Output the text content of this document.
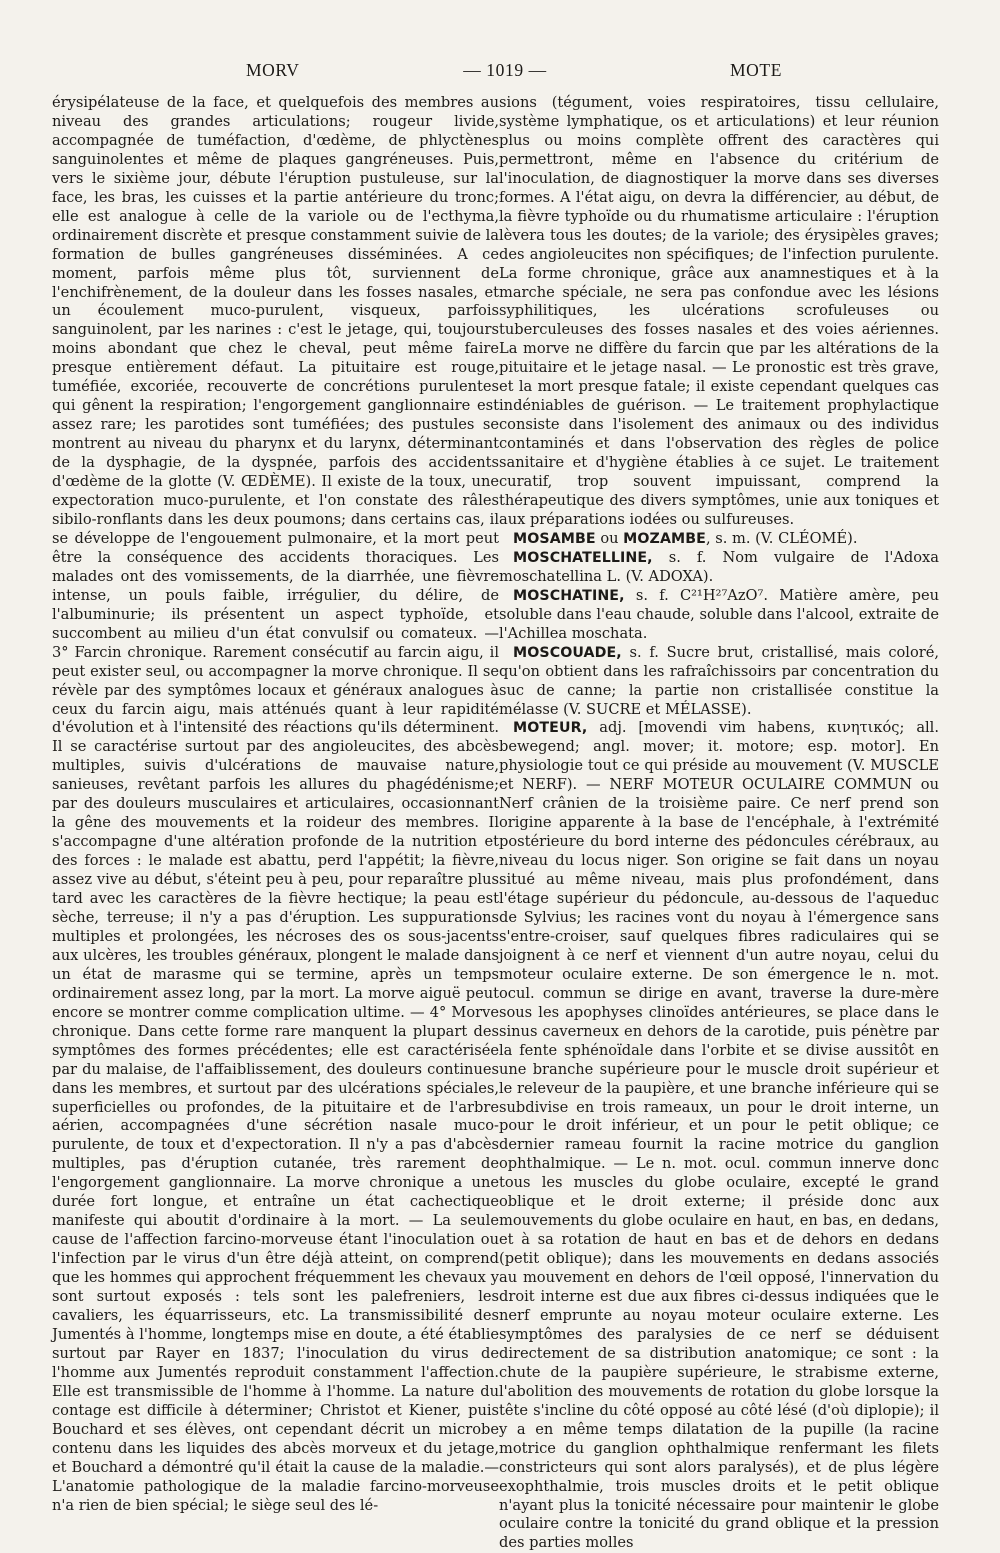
MORV	— 1019 —	MOTE

érysipélateuse de la face, et quelquefois des membres au niveau des grandes articulations; rougeur livide, accompagnée de tuméfaction, d'œdème, de phlyctènes sanguinolentes et même de plaques gangréneuses. Puis, vers le sixième jour, débute l'éruption pustuleuse, sur la face, les bras, les cuisses et la partie antérieure du tronc; elle est analogue à celle de la variole ou de l'ecthyma, ordinairement discrète et presque constamment suivie de la formation de bulles gangréneuses disséminées. A ce moment, parfois même plus tôt, surviennent de l'enchifrènement, de la douleur dans les fosses nasales, et un écoulement muco-purulent, visqueux, parfois sanguinolent, par les narines : c'est le jetage, qui, toujours moins abondant que chez le cheval, peut même faire presque entièrement défaut. La pituitaire est rouge, tuméfiée, excoriée, recouverte de concrétions purulentes qui gênent la respiration; l'engorgement ganglionnaire est assez rare; les parotides sont tuméfiées; des pustules se montrent au niveau du pharynx et du larynx, déterminant de la dysphagie, de la dyspnée, parfois des accidents d'œdème de la glotte (V. ŒDÈME). Il existe de la toux, une expectoration muco-purulente, et l'on constate des râles sibilo-ronflants dans les deux poumons; dans certains cas, il se développe de l'engouement pulmonaire, et la mort peut être la conséquence des accidents thoraciques. Les malades ont des vomissements, de la diarrhée, une fièvre intense, un pouls faible, irrégulier, du délire, de l'albuminurie; ils présentent un aspect typhoïde, et succombent au milieu d'un état convulsif ou comateux. — 3° Farcin chronique. Rarement consécutif au farcin aigu, il peut exister seul, ou accompagner la morve chronique. Il se révèle par des symptômes locaux et généraux analogues à ceux du farcin aigu, mais atténués quant à leur rapidité d'évolution et à l'intensité des réactions qu'ils déterminent. Il se caractérise surtout par des angioleucites, des abcès multiples, suivis d'ulcérations de mauvaise nature, sanieuses, revêtant parfois les allures du phagédénisme; par des douleurs musculaires et articulaires, occasionnant la gêne des mouvements et la roideur des membres. Il s'accompagne d'une altération profonde de la nutrition et des forces : le malade est abattu, perd l'appétit; la fièvre, assez vive au début, s'éteint peu à peu, pour reparaître plus tard avec les caractères de la fièvre hectique; la peau est sèche, terreuse; il n'y a pas d'éruption. Les suppurations multiples et prolongées, les nécroses des os sous-jacents aux ulcères, les troubles généraux, plongent le malade dans un état de marasme qui se termine, après un temps ordinairement assez long, par la mort. La morve aiguë peut encore se montrer comme complication ultime. — 4° Morve chronique. Dans cette forme rare manquent la plupart des symptômes des formes précédentes; elle est caractérisée par du malaise, de l'affaiblissement, des douleurs continues dans les membres, et surtout par des ulcérations spéciales, superficielles ou profondes, de la pituitaire et de l'arbre aérien, accompagnées d'une sécrétion nasale muco-purulente, de toux et d'expectoration. Il n'y a pas d'abcès multiples, pas d'éruption cutanée, très rarement de l'engorgement ganglionnaire. La morve chronique a une durée fort longue, et entraîne un état cachectique manifeste qui aboutit d'ordinaire à la mort. — La seule cause de l'affection farcino-morveuse étant l'inoculation ou l'infection par le virus d'un être déjà atteint, on comprend que les hommes qui approchent fréquemment les chevaux y sont surtout exposés : tels sont les palefreniers, les cavaliers, les équarrisseurs, etc. La transmissibilité des Jumentés à l'homme, longtemps mise en doute, a été établie surtout par Rayer en 1837; l'inoculation du virus de l'homme aux Jumentés reproduit constamment l'affection. Elle est transmissible de l'homme à l'homme. La nature du contage est difficile à déterminer; Christot et Kiener, puis Bouchard et ses élèves, ont cependant décrit un microbe contenu dans les liquides des abcès morveux et du jetage, et Bouchard a démontré qu'il était la cause de la maladie.— L'anatomie pathologique de la maladie farcino-morveuse n'a rien de bien spécial; le siège seul des lé-

sions (tégument, voies respiratoires, tissu cellulaire, système lymphatique, os et articulations) et leur réunion plus ou moins complète offrent des caractères qui permettront, même en l'absence du critérium de l'inoculation, de diagnostiquer la morve dans ses diverses formes. A l'état aigu, on devra la différencier, au début, de la fièvre typhoïde ou du rhumatisme articulaire : l'éruption lèvera tous les doutes; de la variole; des érysipèles graves; des angioleucites non spécifiques; de l'infection purulente. La forme chronique, grâce aux anamnestiques et à la marche spéciale, ne sera pas confondue avec les lésions syphilitiques, les ulcérations scrofuleuses ou tuberculeuses des fosses nasales et des voies aériennes. La morve ne diffère du farcin que par les altérations de la pituitaire et le jetage nasal. — Le pronostic est très grave, et la mort presque fatale; il existe cependant quelques cas indéniables de guérison. — Le traitement prophylactique consiste dans l'isolement des animaux ou des individus contaminés et dans l'observation des règles de police sanitaire et d'hygiène établies à ce sujet. Le traitement curatif, trop souvent impuissant, comprend la thérapeutique des divers symptômes, unie aux toniques et aux préparations iodées ou sulfureuses.

MOSAMBE ou MOZAMBE, s. m. (V. CLÉOMÉ).

MOSCHATELLINE, s. f. Nom vulgaire de l'Adoxa moschatellina L. (V. ADOXA).

MOSCHATINE, s. f. C²¹H²⁷AzO⁷. Matière amère, peu soluble dans l'eau chaude, soluble dans l'alcool, extraite de l'Achillea moschata.

MOSCOUADE, s. f. Sucre brut, cristallisé, mais coloré, qu'on obtient dans les rafraîchissoirs par concentration du suc de canne; la partie non cristallisée constitue la mélasse (V. SUCRE et MÉLASSE).

MOTEUR, adj. [movendi vim habens, κινητικός; all. bewegend; angl. mover; it. motore; esp. motor]. En physiologie tout ce qui préside au mouvement (V. MUSCLE et NERF). — NERF MOTEUR OCULAIRE COMMUN ou Nerf crânien de la troisième paire. Ce nerf prend son origine apparente à la base de l'encéphale, à l'extrémité postérieure du bord interne des pédoncules cérébraux, au niveau du locus niger. Son origine se fait dans un noyau situé au même niveau, mais plus profondément, dans l'étage supérieur du pédoncule, au-dessous de l'aqueduc de Sylvius; les racines vont du noyau à l'émergence sans s'entre-croiser, sauf quelques fibres radiculaires qui se joignent à ce nerf et viennent d'un autre noyau, celui du moteur oculaire externe. De son émergence le n. mot. ocul. commun se dirige en avant, traverse la dure-mère sous les apophyses clinoïdes antérieures, se place dans le sinus caverneux en dehors de la carotide, puis pénètre par la fente sphénoïdale dans l'orbite et se divise aussitôt en une branche supérieure pour le muscle droit supérieur et le releveur de la paupière, et une branche inférieure qui se subdivise en trois rameaux, un pour le droit interne, un pour le droit inférieur, et un pour le petit oblique; ce dernier rameau fournit la racine motrice du ganglion ophthalmique. — Le n. mot. ocul. commun innerve donc tous les muscles du globe oculaire, excepté le grand oblique et le droit externe; il préside donc aux mouvements du globe oculaire en haut, en bas, en dedans, et à sa rotation de haut en bas et de dehors en dedans (petit oblique); dans les mouvements en dedans associés au mouvement en dehors de l'œil opposé, l'innervation du droit interne est due aux fibres ci-dessus indiquées que le nerf emprunte au noyau moteur oculaire externe. Les symptômes des paralysies de ce nerf se déduisent directement de sa distribution anatomique; ce sont : la chute de la paupière supérieure, le strabisme externe, l'abolition des mouvements de rotation du globe lorsque la tête s'incline du côté opposé au côté lésé (d'où diplopie); il y a en même temps dilatation de la pupille (la racine motrice du ganglion ophthalmique renfermant les filets constricteurs qui sont alors paralysés), et de plus légère exophthalmie, trois muscles droits et le petit oblique n'ayant plus la tonicité nécessaire pour maintenir le globe oculaire contre la tonicité du grand oblique et la pression des parties molles
